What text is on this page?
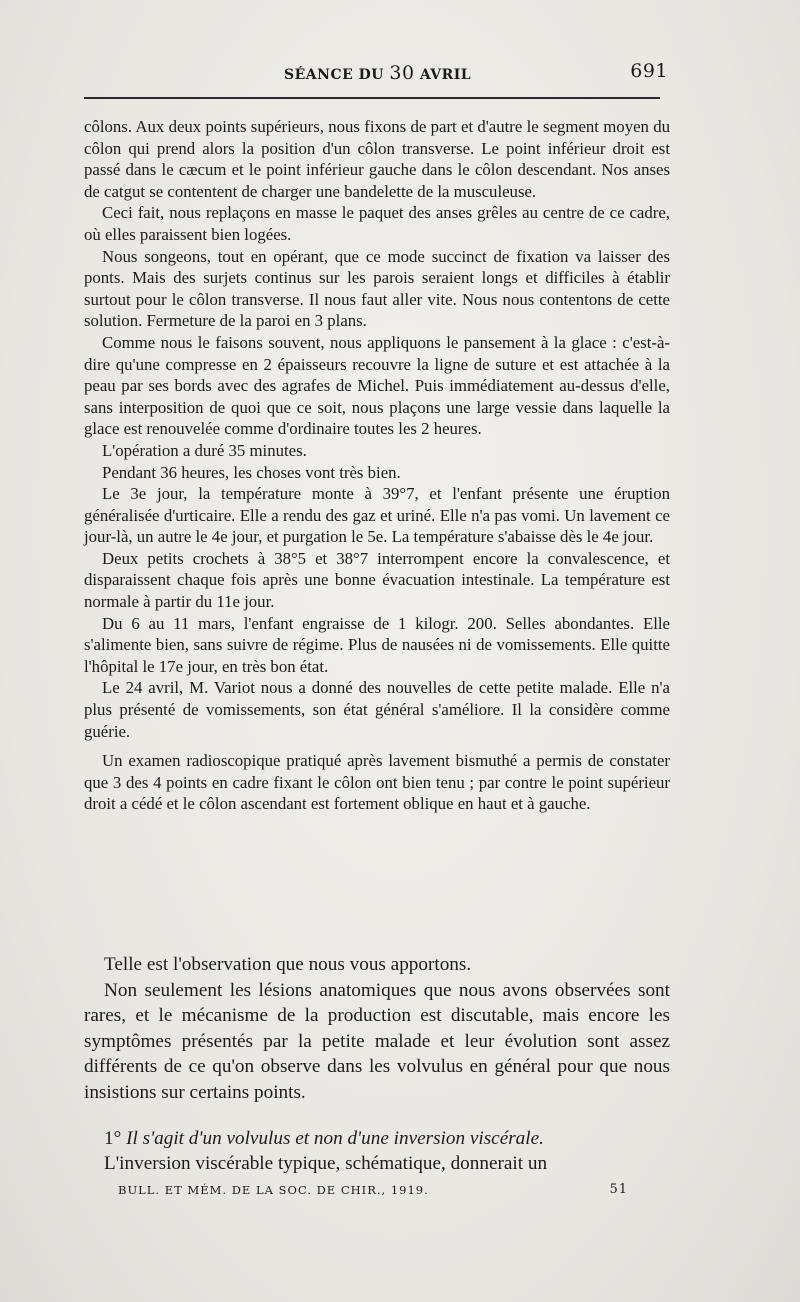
SÉANCE DU 30 AVRIL	691

côlons. Aux deux points supérieurs, nous fixons de part et d'autre le segment moyen du côlon qui prend alors la position d'un côlon transverse. Le point inférieur droit est passé dans le cæcum et le point inférieur gauche dans le côlon descendant. Nos anses de catgut se contentent de charger une bandelette de la musculeuse.

Ceci fait, nous replaçons en masse le paquet des anses grêles au centre de ce cadre, où elles paraissent bien logées.

Nous songeons, tout en opérant, que ce mode succinct de fixation va laisser des ponts. Mais des surjets continus sur les parois seraient longs et difficiles à établir surtout pour le côlon transverse. Il nous faut aller vite. Nous nous contentons de cette solution. Fermeture de la paroi en 3 plans.

Comme nous le faisons souvent, nous appliquons le pansement à la glace : c'est-à-dire qu'une compresse en 2 épaisseurs recouvre la ligne de suture et est attachée à la peau par ses bords avec des agrafes de Michel. Puis immédiatement au-dessus d'elle, sans interposition de quoi que ce soit, nous plaçons une large vessie dans laquelle la glace est renouvelée comme d'ordinaire toutes les 2 heures.

L'opération a duré 35 minutes.

Pendant 36 heures, les choses vont très bien.

Le 3e jour, la température monte à 39°7, et l'enfant présente une éruption généralisée d'urticaire. Elle a rendu des gaz et uriné. Elle n'a pas vomi. Un lavement ce jour-là, un autre le 4e jour, et purgation le 5e. La température s'abaisse dès le 4e jour.

Deux petits crochets à 38°5 et 38°7 interrompent encore la convalescence, et disparaissent chaque fois après une bonne évacuation intestinale. La température est normale à partir du 11e jour.

Du 6 au 11 mars, l'enfant engraisse de 1 kilogr. 200. Selles abondantes. Elle s'alimente bien, sans suivre de régime. Plus de nausées ni de vomissements. Elle quitte l'hôpital le 17e jour, en très bon état.

Le 24 avril, M. Variot nous a donné des nouvelles de cette petite malade. Elle n'a plus présenté de vomissements, son état général s'améliore. Il la considère comme guérie.

Un examen radioscopique pratiqué après lavement bismuthé a permis de constater que 3 des 4 points en cadre fixant le côlon ont bien tenu ; par contre le point supérieur droit a cédé et le côlon ascendant est fortement oblique en haut et à gauche.

Telle est l'observation que nous vous apportons.

Non seulement les lésions anatomiques que nous avons observées sont rares, et le mécanisme de la production est discutable, mais encore les symptômes présentés par la petite malade et leur évolution sont assez différents de ce qu'on observe dans les volvulus en général pour que nous insistions sur certains points.

1° Il s'agit d'un volvulus et non d'une inversion viscérale.

L'inversion viscérable typique, schématique, donnerait un

BULL. ET MÉM. DE LA SOC. DE CHIR., 1919.	51
